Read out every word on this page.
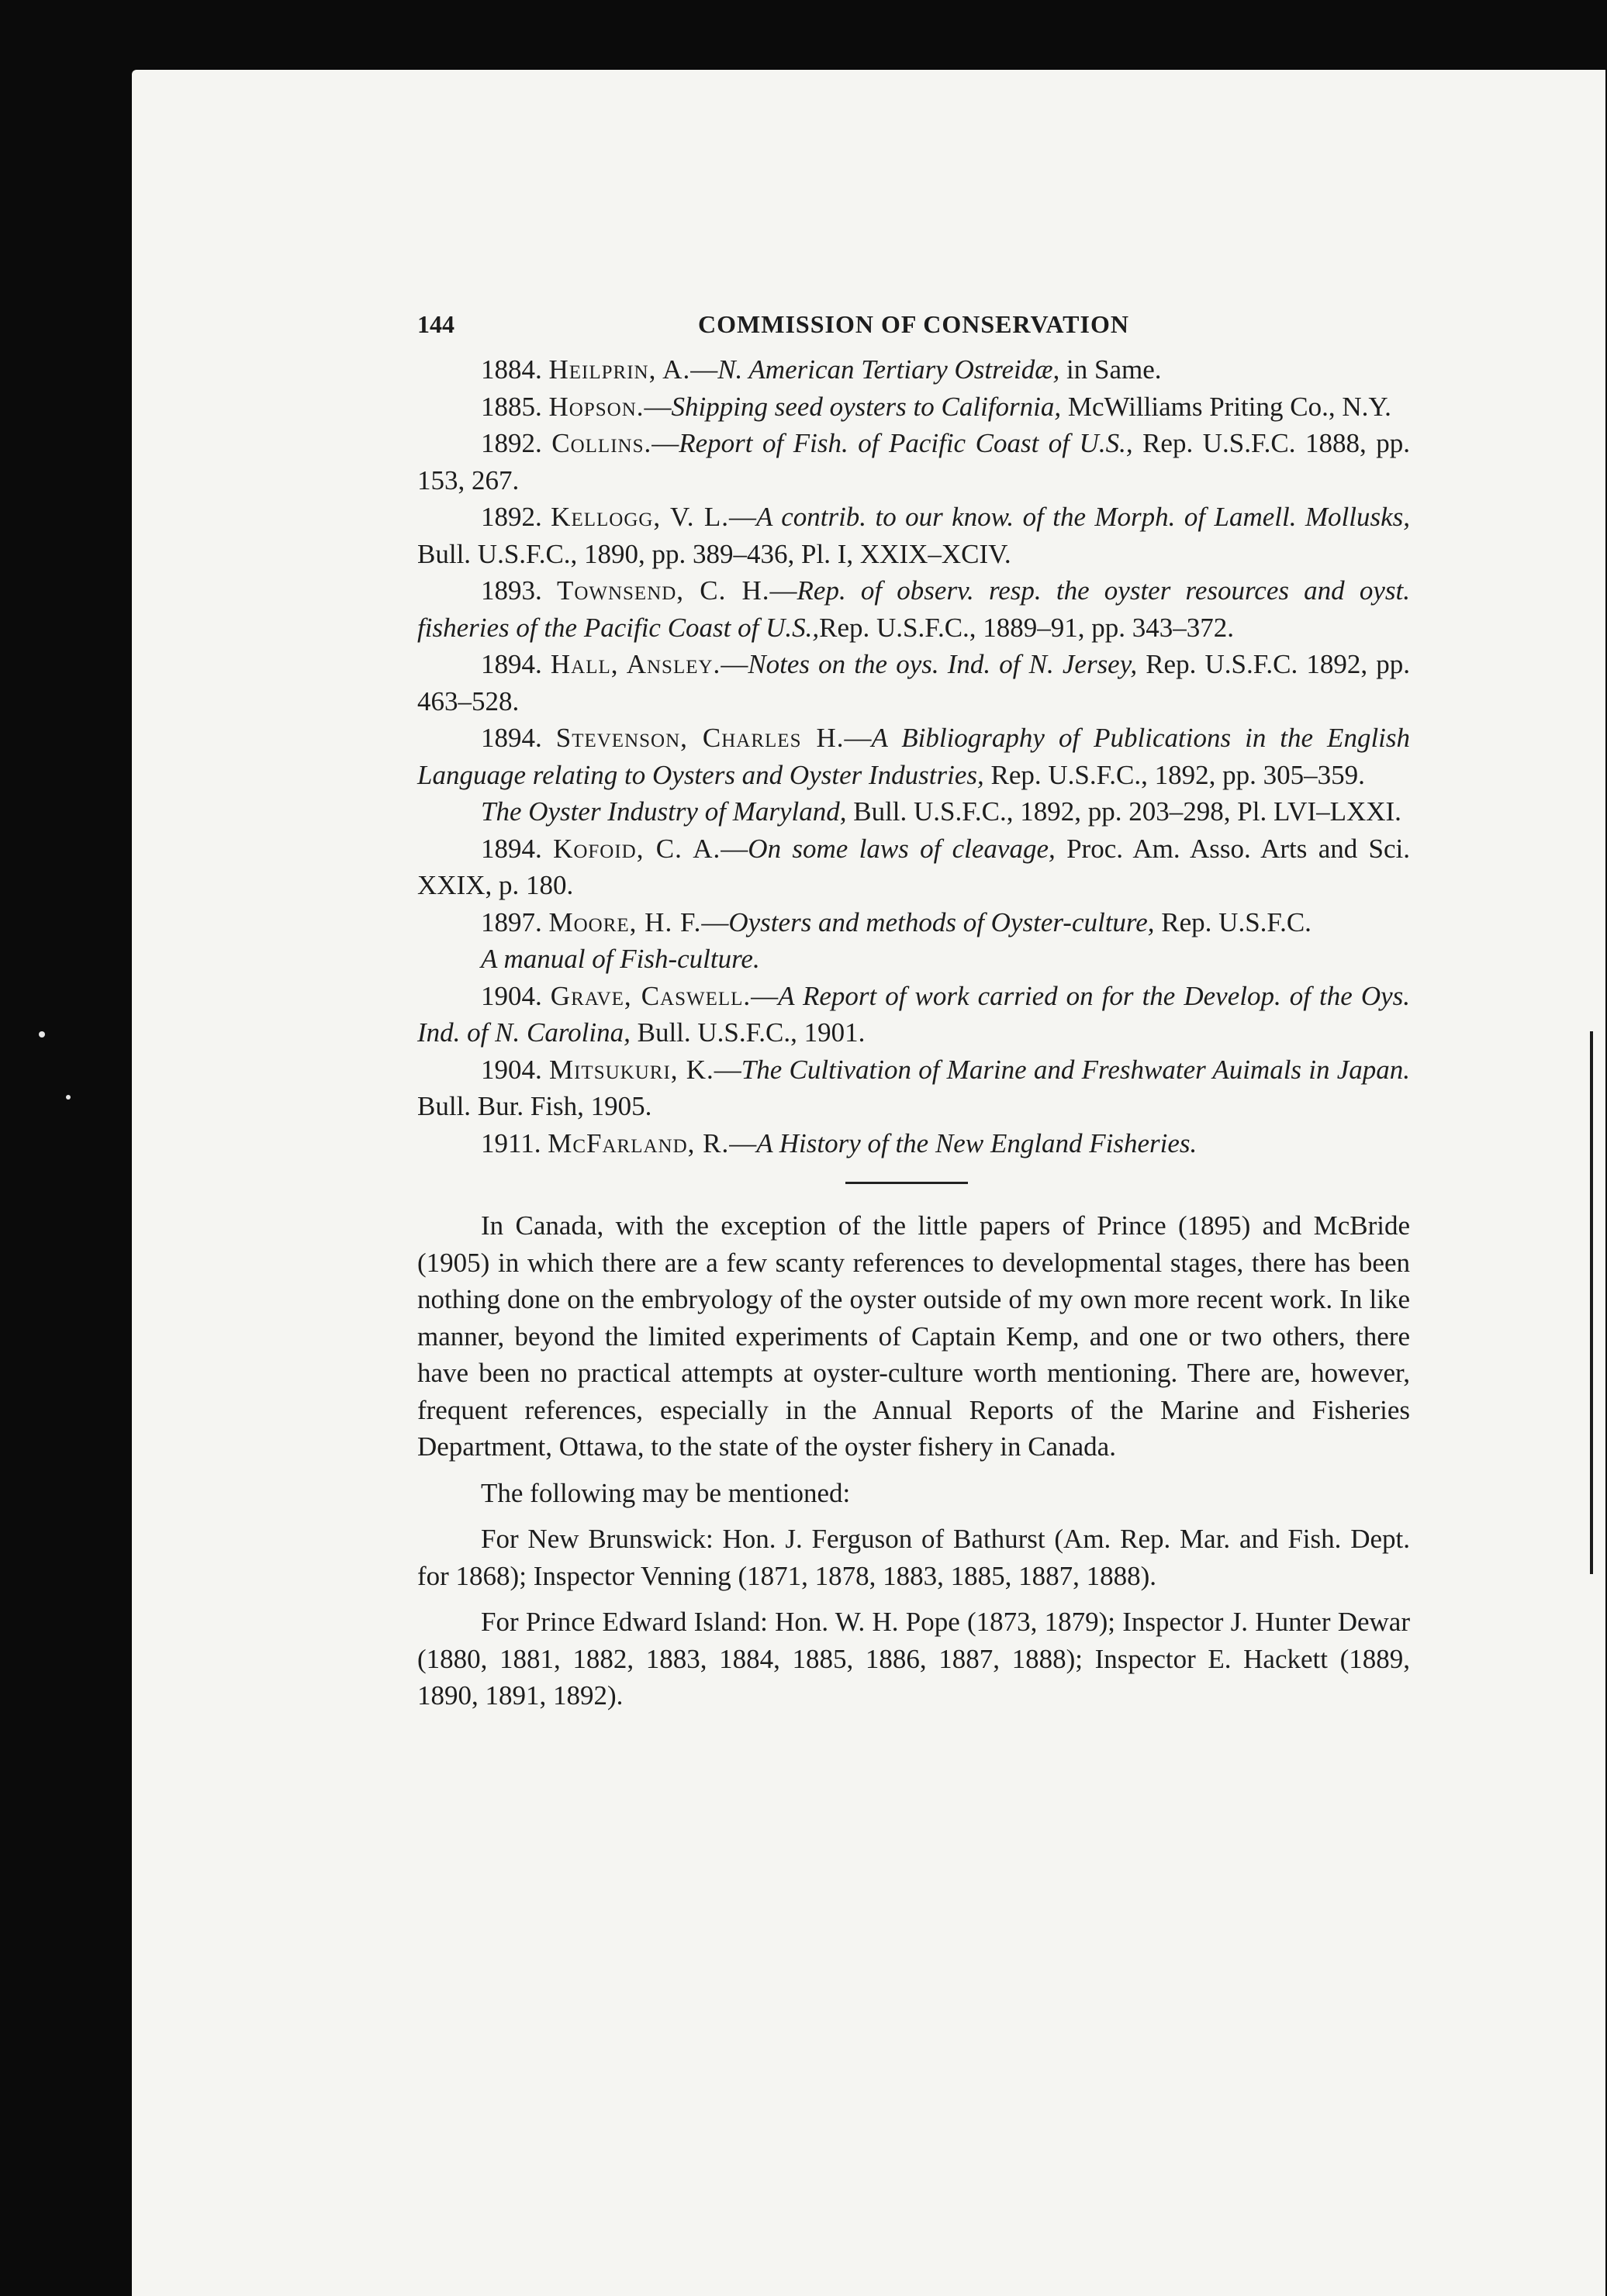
144	COMMISSION OF CONSERVATION

1884. Heilprin, A.—N. American Tertiary Ostreidæ, in Same.

1885. Hopson.—Shipping seed oysters to California, McWilliams Priting Co., N.Y.

1892. Collins.—Report of Fish. of Pacific Coast of U.S., Rep. U.S.F.C. 1888, pp. 153, 267.

1892. Kellogg, V. L.—A contrib. to our know. of the Morph. of Lamell. Mollusks, Bull. U.S.F.C., 1890, pp. 389–436, Pl. I, XXIX–XCIV.

1893. Townsend, C. H.—Rep. of observ. resp. the oyster resources and oyst. fisheries of the Pacific Coast of U.S.,Rep. U.S.F.C., 1889–91, pp. 343–372.

1894. Hall, Ansley.—Notes on the oys. Ind. of N. Jersey, Rep. U.S.F.C. 1892, pp. 463–528.

1894. Stevenson, Charles H.—A Bibliography of Publications in the English Language relating to Oysters and Oyster Industries, Rep. U.S.F.C., 1892, pp. 305–359.

The Oyster Industry of Maryland, Bull. U.S.F.C., 1892, pp. 203–298, Pl. LVI–LXXI.

1894. Kofoid, C. A.—On some laws of cleavage, Proc. Am. Asso. Arts and Sci. XXIX, p. 180.

1897. Moore, H. F.—Oysters and methods of Oyster-culture, Rep. U.S.F.C.

A manual of Fish-culture.

1904. Grave, Caswell.—A Report of work carried on for the Develop. of the Oys. Ind. of N. Carolina, Bull. U.S.F.C., 1901.

1904. Mitsukuri, K.—The Cultivation of Marine and Freshwater Auimals in Japan. Bull. Bur. Fish, 1905.

1911. McFarland, R.—A History of the New England Fisheries.

In Canada, with the exception of the little papers of Prince (1895) and McBride (1905) in which there are a few scanty references to developmental stages, there has been nothing done on the embryology of the oyster outside of my own more recent work. In like manner, beyond the limited experiments of Captain Kemp, and one or two others, there have been no practical attempts at oyster-culture worth mentioning. There are, however, frequent references, especially in the Annual Reports of the Marine and Fisheries Department, Ottawa, to the state of the oyster fishery in Canada.

The following may be mentioned:

For New Brunswick: Hon. J. Ferguson of Bathurst (Am. Rep. Mar. and Fish. Dept. for 1868); Inspector Venning (1871, 1878, 1883, 1885, 1887, 1888).

For Prince Edward Island: Hon. W. H. Pope (1873, 1879); Inspector J. Hunter Dewar (1880, 1881, 1882, 1883, 1884, 1885, 1886, 1887, 1888); Inspector E. Hackett (1889, 1890, 1891, 1892).
